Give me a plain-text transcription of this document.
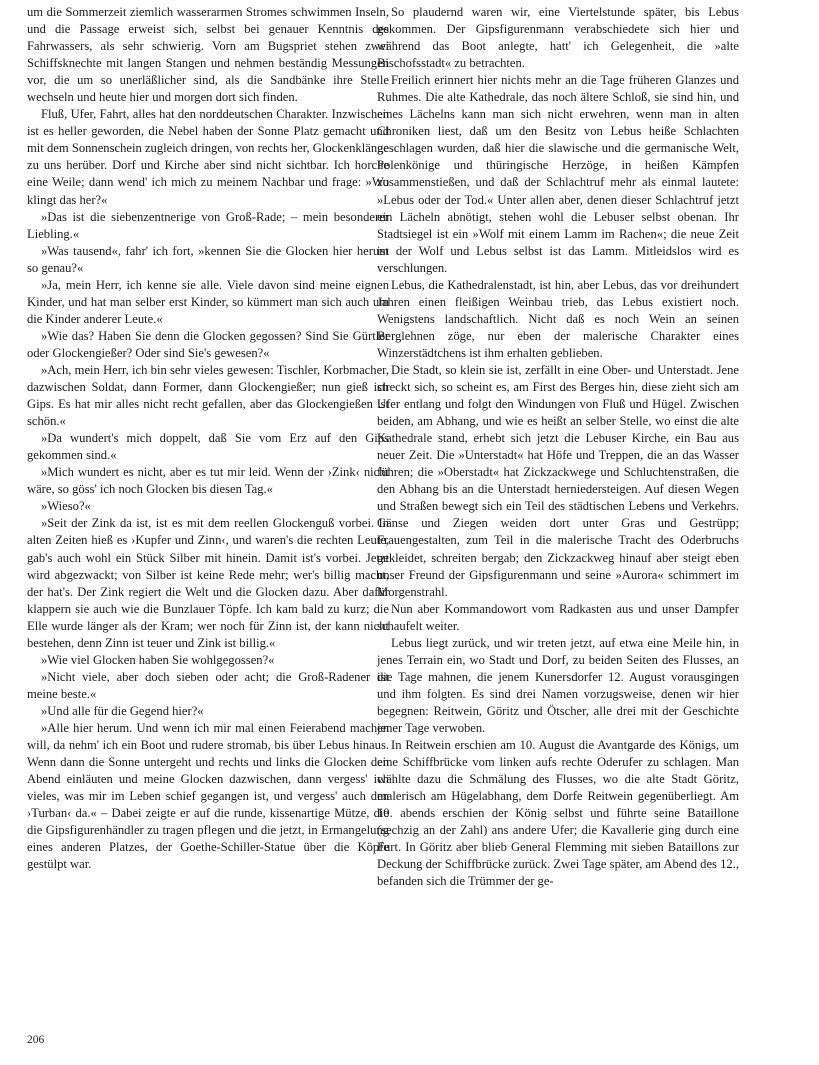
um die Sommerzeit ziemlich wasserarmen Stromes schwimmen Inseln, und die Passage erweist sich, selbst bei genauer Kenntnis des Fahrwassers, als sehr schwierig. Vorn am Bugspriet stehen zwei Schiffsknechte mit langen Stangen und nehmen beständig Messungen vor, die um so unerläßlicher sind, als die Sandbänke ihre Stelle wechseln und heute hier und morgen dort sich finden.

Fluß, Ufer, Fahrt, alles hat den norddeutschen Charakter. Inzwischen ist es heller geworden, die Nebel haben der Sonne Platz gemacht und mit dem Sonnenschein zugleich dringen, von rechts her, Glockenklänge zu uns herüber. Dorf und Kirche aber sind nicht sichtbar. Ich horche eine Weile; dann wend' ich mich zu meinem Nachbar und frage: »Wo klingt das her?«

»Das ist die siebenzentnerige von Groß-Rade; – mein besonderer Liebling.«

»Was tausend«, fahr' ich fort, »kennen Sie die Glocken hier herum so genau?«

»Ja, mein Herr, ich kenne sie alle. Viele davon sind meine eignen Kinder, und hat man selber erst Kinder, so kümmert man sich auch um die Kinder anderer Leute.«

»Wie das? Haben Sie denn die Glocken gegossen? Sind Sie Gürtler oder Glockengießer? Oder sind Sie's gewesen?«

»Ach, mein Herr, ich bin sehr vieles gewesen: Tischler, Korbmacher, dazwischen Soldat, dann Former, dann Glockengießer; nun gieß ich Gips. Es hat mir alles nicht recht gefallen, aber das Glockengießen ist schön.«

»Da wundert's mich doppelt, daß Sie vom Erz auf den Gips gekommen sind.«

»Mich wundert es nicht, aber es tut mir leid. Wenn der ›Zink‹ nicht wäre, so göss' ich noch Glocken bis diesen Tag.«

»Wieso?«

»Seit der Zink da ist, ist es mit dem reellen Glockenguß vorbei. In alten Zeiten hieß es ›Kupfer und Zinn‹, und waren's die rechten Leute, gab's auch wohl ein Stück Silber mit hinein. Damit ist's vorbei. Jetzt wird abgezwackt; von Silber ist keine Rede mehr; wer's billig macht, der hat's. Der Zink regiert die Welt und die Glocken dazu. Aber dafür klappern sie auch wie die Bunzlauer Töpfe. Ich kam bald zu kurz; die Elle wurde länger als der Kram; wer noch für Zinn ist, der kann nicht bestehen, denn Zinn ist teuer und Zink ist billig.«

»Wie viel Glocken haben Sie wohlgegossen?«

»Nicht viele, aber doch sieben oder acht; die Groß-Radener ist meine beste.«

»Und alle für die Gegend hier?«

»Alle hier herum. Und wenn ich mir mal einen Feierabend machen will, da nehm' ich ein Boot und rudere stromab, bis über Lebus hinaus. Wenn dann die Sonne untergeht und rechts und links die Glocken den Abend einläuten und meine Glocken dazwischen, dann vergess' ich vieles, was mir im Leben schief gegangen ist, und vergess' auch den ›Turban‹ da.« – Dabei zeigte er auf die runde, kissenartige Mütze, die die Gipsfigurenhändler zu tragen pflegen und die jetzt, in Ermangelung eines anderen Platzes, der Goethe-Schiller-Statue über die Köpfe gestülpt war.

So plaudernd waren wir, eine Viertelstunde später, bis Lebus gekommen. Der Gipsfigurenmann verabschiedete sich hier und während das Boot anlegte, hatt' ich Gelegenheit, die »alte Bischofsstadt« zu betrachten.

Freilich erinnert hier nichts mehr an die Tage früheren Glanzes und Ruhmes. Die alte Kathedrale, das noch ältere Schloß, sie sind hin, und eines Lächelns kann man sich nicht erwehren, wenn man in alten Chroniken liest, daß um den Besitz von Lebus heiße Schlachten geschlagen wurden, daß hier die slawische und die germanische Welt, Polenkönige und thüringische Herzöge, in heißen Kämpfen zusammenstießen, und daß der Schlachtruf mehr als einmal lautete: »Lebus oder der Tod.« Unter allen aber, denen dieser Schlachtruf jetzt ein Lächeln abnötigt, stehen wohl die Lebuser selbst obenan. Ihr Stadtsiegel ist ein »Wolf mit einem Lamm im Rachen«; die neue Zeit ist der Wolf und Lebus selbst ist das Lamm. Mitleidslos wird es verschlungen.

Lebus, die Kathedralenstadt, ist hin, aber Lebus, das vor dreihundert Jahren einen fleißigen Weinbau trieb, das Lebus existiert noch. Wenigstens landschaftlich. Nicht daß es noch Wein an seinen Berglehnen zöge, nur eben der malerische Charakter eines Winzerstädtchens ist ihm erhalten geblieben.

Die Stadt, so klein sie ist, zerfällt in eine Ober- und Unterstadt. Jene streckt sich, so scheint es, am First des Berges hin, diese zieht sich am Ufer entlang und folgt den Windungen von Fluß und Hügel. Zwischen beiden, am Abhang, und wie es heißt an selber Stelle, wo einst die alte Kathedrale stand, erhebt sich jetzt die Lebuser Kirche, ein Bau aus neuer Zeit. Die »Unterstadt« hat Höfe und Treppen, die an das Wasser führen; die »Oberstadt« hat Zickzackwege und Schluchtenstraßen, die den Abhang bis an die Unterstadt herniedersteigen. Auf diesen Wegen und Straßen bewegt sich ein Teil des städtischen Lebens und Verkehrs. Gänse und Ziegen weiden dort unter Gras und Gestrüpp; Frauengestalten, zum Teil in die malerische Tracht des Oderbruchs gekleidet, schreiten bergab; den Zickzackweg hinauf aber steigt eben unser Freund der Gipsfigurenmann und seine »Aurora« schimmert im Morgenstrahl.

Nun aber Kommandowort vom Radkasten aus und unser Dampfer schaufelt weiter.

Lebus liegt zurück, und wir treten jetzt, auf etwa eine Meile hin, in jenes Terrain ein, wo Stadt und Dorf, zu beiden Seiten des Flusses, an die Tage mahnen, die jenem Kunersdorfer 12. August vorausgingen und ihm folgten. Es sind drei Namen vorzugsweise, denen wir hier begegnen: Reitwein, Göritz und Ötscher, alle drei mit der Geschichte jener Tage verwoben.

In Reitwein erschien am 10. August die Avantgarde des Königs, um eine Schiffbrücke vom linken aufs rechte Oderufer zu schlagen. Man wählte dazu die Schmälung des Flusses, wo die alte Stadt Göritz, malerisch am Hügelabhang, dem Dorfe Reitwein gegenüberliegt. Am 10. abends erschien der König selbst und führte seine Bataillone (sechzig an der Zahl) ans andere Ufer; die Kavallerie ging durch eine Furt. In Göritz aber blieb General Flemming mit sieben Bataillons zur Deckung der Schiffbrücke zurück. Zwei Tage später, am Abend des 12., befanden sich die Trümmer der ge-

206
